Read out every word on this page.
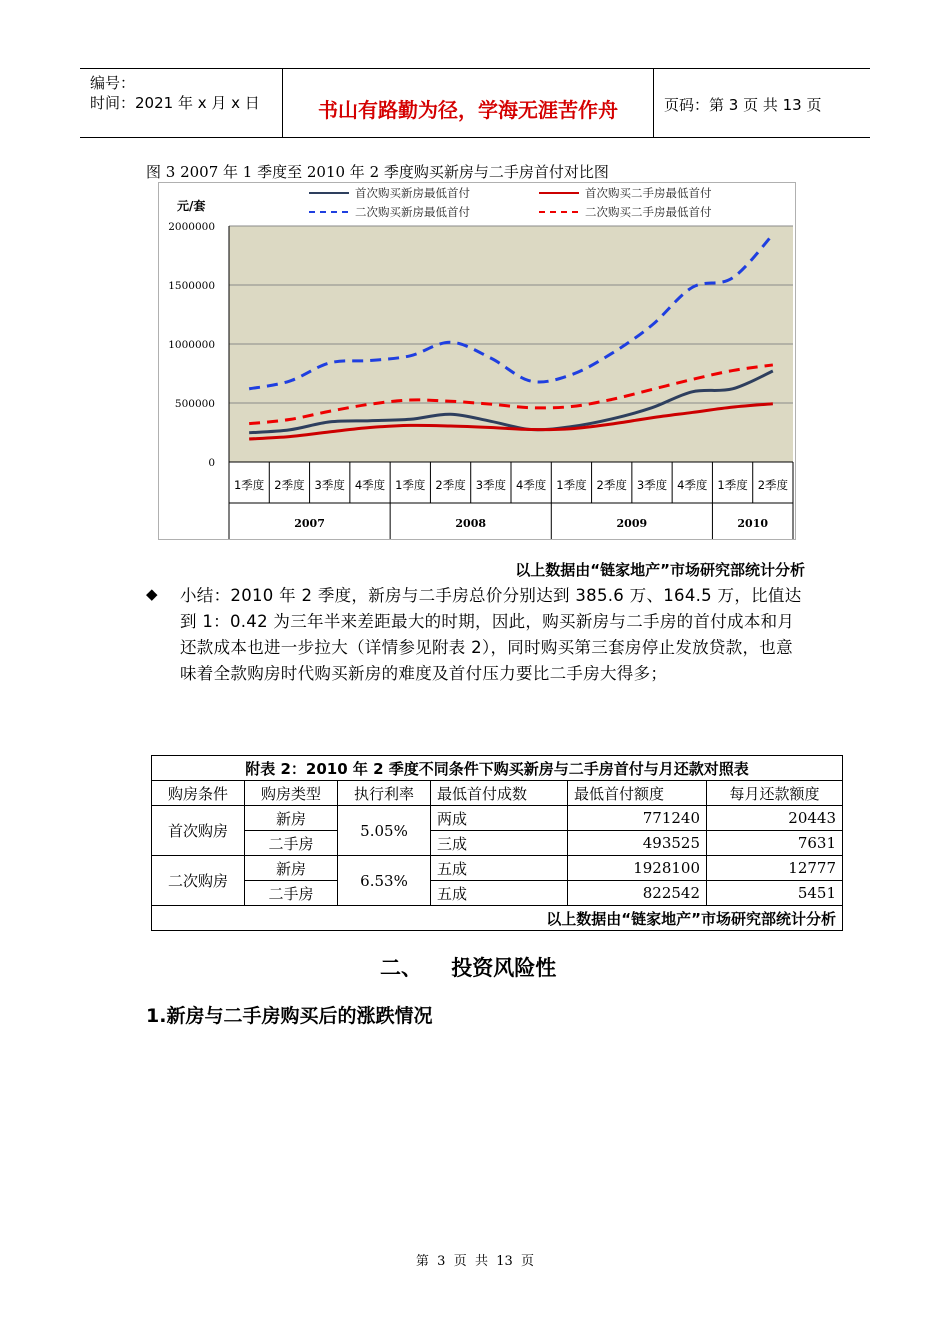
编号：
时间：2021 年 x 月 x 日	书山有路勤为径，学海无涯苦作舟	页码：第 3 页 共 13 页
图 3 2007 年 1 季度至 2010 年 2 季度购买新房与二手房首付对比图
2000000
1500000
1000000
500000
0
元/套
1季度 2季度 3季度 4季度 1季度 2季度 3季度 4季度 1季度 2季度 3季度 4季度 1季度 2季度
2007	2008	2009	2010
首次购买新房最低首付	首次购买二手房最低首付
二次购买新房最低首付	二次购买二手房最低首付
以上数据由“链家地产”市场研究部统计分析
◆ 小结：2010 年 2 季度，新房与二手房总价分别达到 385.6 万、164.5 万，比值达到 1：0.42 为三年半来差距最大的时期，因此，购买新房与二手房的首付成本和月还款成本也进一步拉大（详情参见附表 2），同时购买第三套房停止发放贷款，也意味着全款购房时代购买新房的难度及首付压力要比二手房大得多；
附表 2：2010 年 2 季度不同条件下购买新房与二手房首付与月还款对照表					
购房条件	购房类型	执行利率	最低首付成数	最低首付额度	每月还款额度
首次购房	新房	5.05%	两成	771240	20443
	二手房		三成	493525	7631
二次购房	新房	6.53%	五成	1928100	12777
	二手房		五成	822542	5451
以上数据由“链家地产”市场研究部统计分析					
二、    投资风险性
1.新房与二手房购买后的涨跌情况
第  3  页  共  13  页
